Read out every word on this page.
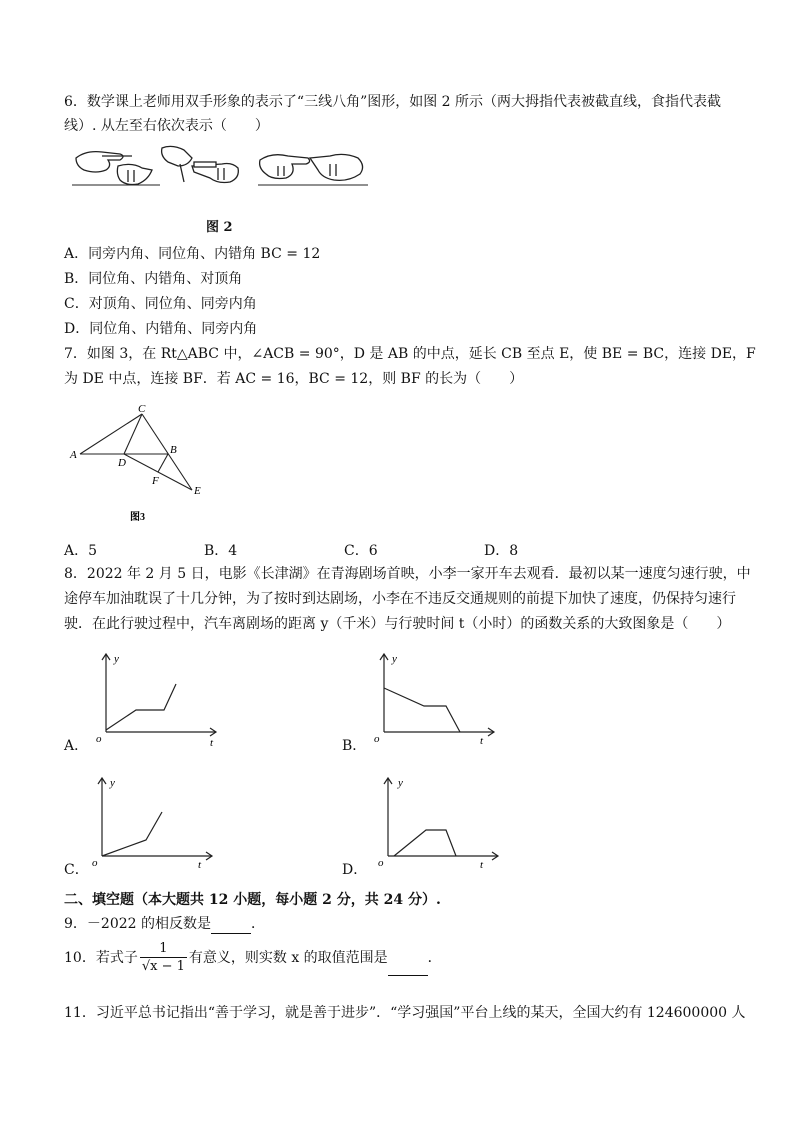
6．数学课上老师用双手形象的表示了“三线八角”图形，如图 2 所示（两大拇指代表被截直线，食指代表截
线）. 从左至右依次表示（　　）
图 2
A．同旁内角、同位角、内错角 BC = 12
B．同位角、内错角、对顶角
C．对顶角、同位角、同旁内角
D．同位角、内错角、同旁内角
7．如图 3，在 Rt△ABC 中，∠ACB = 90°，D 是 AB 的中点，延长 CB 至点 E，使 BE = BC，连接 DE，F
为 DE 中点，连接 BF．若 AC = 16，BC = 12，则 BF 的长为（　　）
C
A
D
B
F
E
图3
A．5	B．4	C．6	D．8
8．2022 年 2 月 5 日，电影《长津湖》在青海剧场首映，小李一家开车去观看．最初以某一速度匀速行驶，中
途停车加油耽误了十几分钟，为了按时到达剧场，小李在不违反交通规则的前提下加快了速度，仍保持匀速行
驶．在此行驶过程中，汽车离剧场的距离 y（千米）与行驶时间 t（小时）的函数关系的大致图象是（　　）
A．
y
o	t	B．
y
o	t
C．
y
o	t	D．
y
o	t
二、填空题（本大题共 12 小题，每小题 2 分，共 24 分）.
9．－2022 的相反数是	．
10．若式子 $\frac{1}{√x - 1}$ 有意义，则实数 x 的取值范围是	．
11．习近平总书记指出“善于学习，就是善于进步”．“学习强国”平台上线的某天，全国大约有 124600000 人
